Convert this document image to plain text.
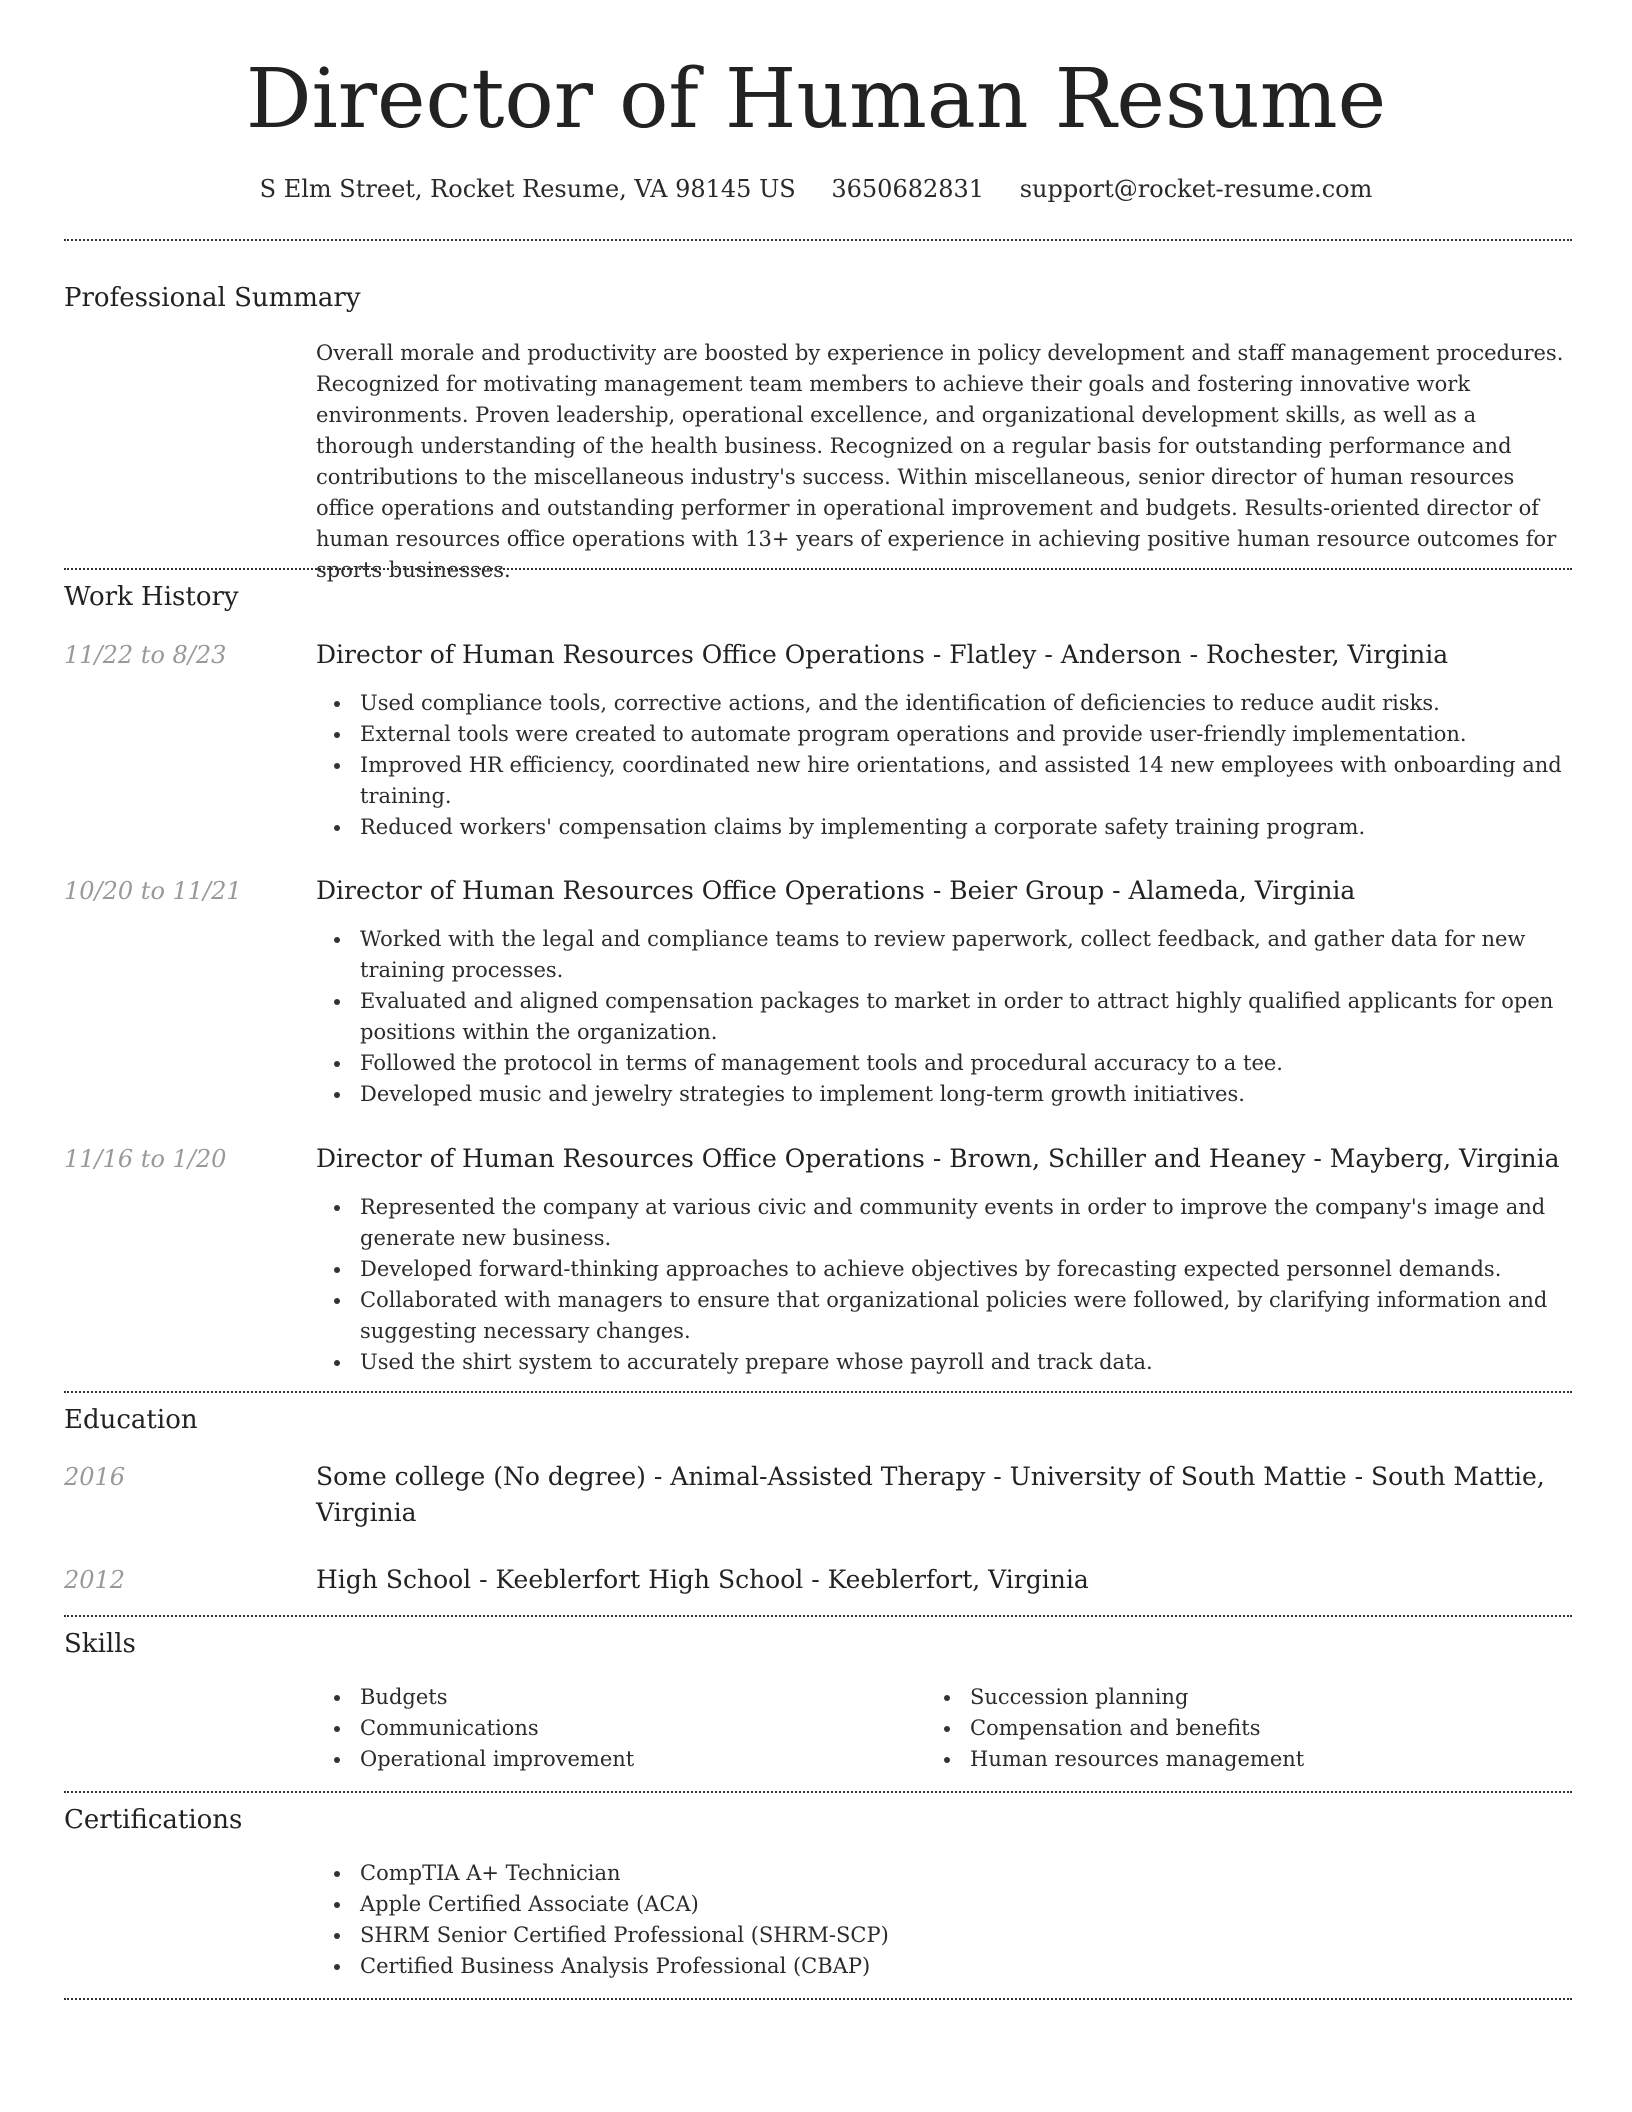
Director of Human Resume
S Elm Street, Rocket Resume, VA 98145 US 3650682831 support@rocket-resume.com
Professional Summary

Overall morale and productivity are boosted by experience in policy development and staff management procedures. Recognized for motivating management team members to achieve their goals and fostering innovative work environments. Proven leadership, operational excellence, and organizational development skills, as well as a thorough understanding of the health business. Recognized on a regular basis for outstanding performance and contributions to the miscellaneous industry's success. Within miscellaneous, senior director of human resources office operations and outstanding performer in operational improvement and budgets. Results-oriented director of human resources office operations with 13+ years of experience in achieving positive human resource outcomes for sports businesses.

Work History
11/22 to 8/23	Director of Human Resources Office Operations - Flatley - Anderson - Rochester, Virginia
Used compliance tools, corrective actions, and the identification of deficiencies to reduce audit risks.
External tools were created to automate program operations and provide user-friendly implementation.
Improved HR efficiency, coordinated new hire orientations, and assisted 14 new employees with onboarding and training.
Reduced workers' compensation claims by implementing a corporate safety training program.
10/20 to 11/21	Director of Human Resources Office Operations - Beier Group - Alameda, Virginia
Worked with the legal and compliance teams to review paperwork, collect feedback, and gather data for new training processes.
Evaluated and aligned compensation packages to market in order to attract highly qualified applicants for open positions within the organization.
Followed the protocol in terms of management tools and procedural accuracy to a tee.
Developed music and jewelry strategies to implement long-term growth initiatives.
11/16 to 1/20	Director of Human Resources Office Operations - Brown, Schiller and Heaney - Mayberg, Virginia
Represented the company at various civic and community events in order to improve the company's image and generate new business.
Developed forward-thinking approaches to achieve objectives by forecasting expected personnel demands.
Collaborated with managers to ensure that organizational policies were followed, by clarifying information and suggesting necessary changes.
Used the shirt system to accurately prepare whose payroll and track data.
Education
2016	Some college (No degree) - Animal-Assisted Therapy - University of South Mattie - South Mattie, Virginia
2012	High School - Keeblerfort High School - Keeblerfort, Virginia
Skills
Budgets
Communications
Operational improvement
Succession planning
Compensation and benefits
Human resources management
Certifications
CompTIA A+ Technician
Apple Certified Associate (ACA)
SHRM Senior Certified Professional (SHRM-SCP)
Certified Business Analysis Professional (CBAP)
